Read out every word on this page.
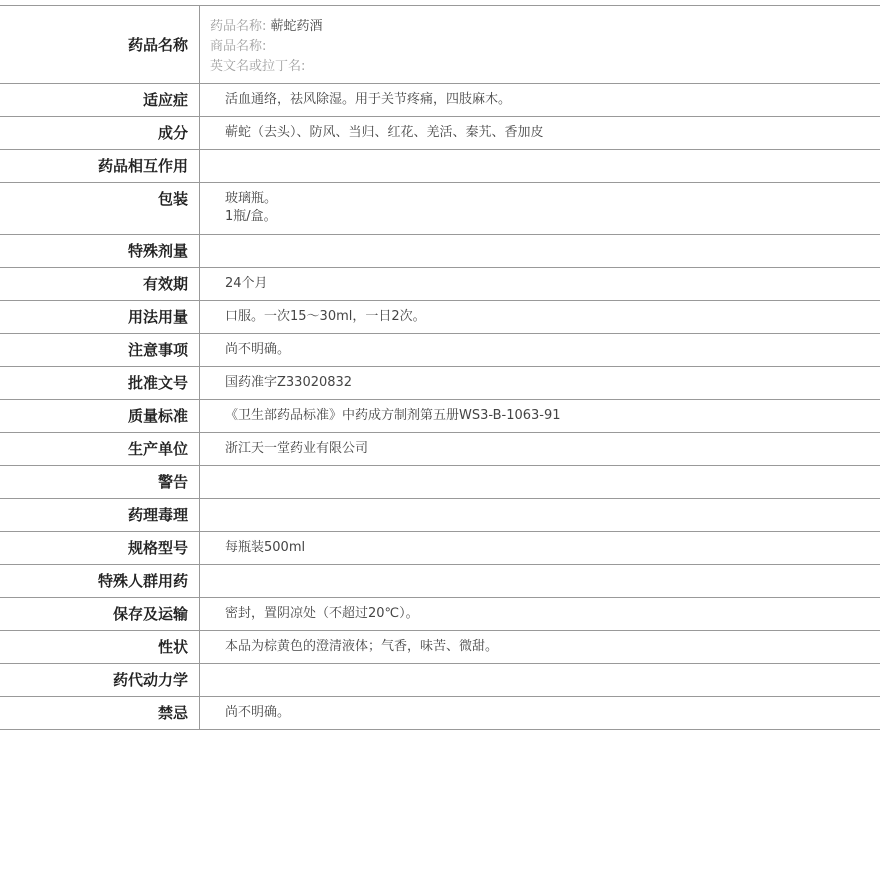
药品名称
药品名称: 蕲蛇药酒
商品名称:
英文名或拉丁名:
适应症	活血通络，祛风除湿。用于关节疼痛，四肢麻木。
成分	蕲蛇（去头）、防风、当归、红花、羌活、秦艽、香加皮
药品相互作用
包装	玻璃瓶。
1瓶/盒。
特殊剂量
有效期	24个月
用法用量	口服。一次15～30ml，一日2次。
注意事项	尚不明确。
批准文号	国药准字Z33020832
质量标准	《卫生部药品标准》中药成方制剂第五册WS3-B-1063-91
生产单位	浙江天一堂药业有限公司
警告
药理毒理
规格型号	每瓶装500ml
特殊人群用药
保存及运输	密封，置阴凉处（不超过20℃）。
性状	本品为棕黄色的澄清液体；气香，味苦、微甜。
药代动力学
禁忌	尚不明确。
